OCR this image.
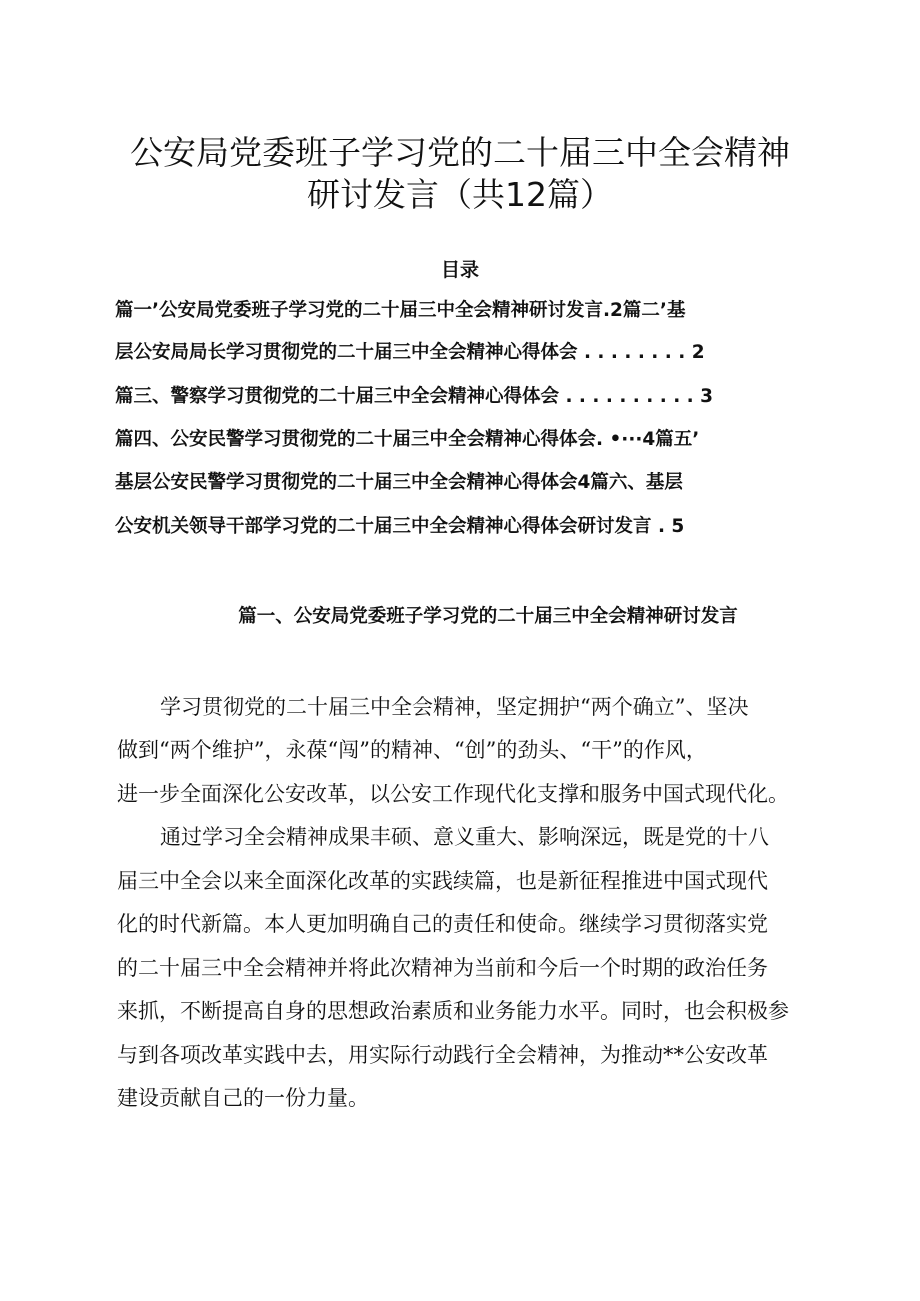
公安局党委班子学习党的二十届三中全会精神
研讨发言（共12篇）
目录

篇一’公安局党委班子学习党的二十届三中全会精神研讨发言.2篇二’基

层公安局局长学习贯彻党的二十届三中全会精神心得体会 . . . . . . . . 2

篇三、警察学习贯彻党的二十届三中全会精神心得体会 . . . . . . . . . . 3

篇四、公安民警学习贯彻党的二十届三中全会精神心得体会. •···4篇五’

基层公安民警学习贯彻党的二十届三中全会精神心得体会4篇六、基层

公安机关领导干部学习党的二十届三中全会精神心得体会研讨发言 . 5

篇一、公安局党委班子学习党的二十届三中全会精神研讨发言

学习贯彻党的二十届三中全会精神，坚定拥护“两个确立”、坚决

做到“两个维护”，永葆“闯”的精神、“创”的劲头、“干”的作风，

进一步全面深化公安改革，以公安工作现代化支撑和服务中国式现代化。

通过学习全会精神成果丰硕、意义重大、影响深远，既是党的十八

届三中全会以来全面深化改革的实践续篇，也是新征程推进中国式现代

化的时代新篇。本人更加明确自己的责任和使命。继续学习贯彻落实党

的二十届三中全会精神并将此次精神为当前和今后一个时期的政治任务

来抓，不断提高自身的思想政治素质和业务能力水平。同时，也会积极参

与到各项改革实践中去，用实际行动践行全会精神，为推动**公安改革

建设贡献自己的一份力量。
